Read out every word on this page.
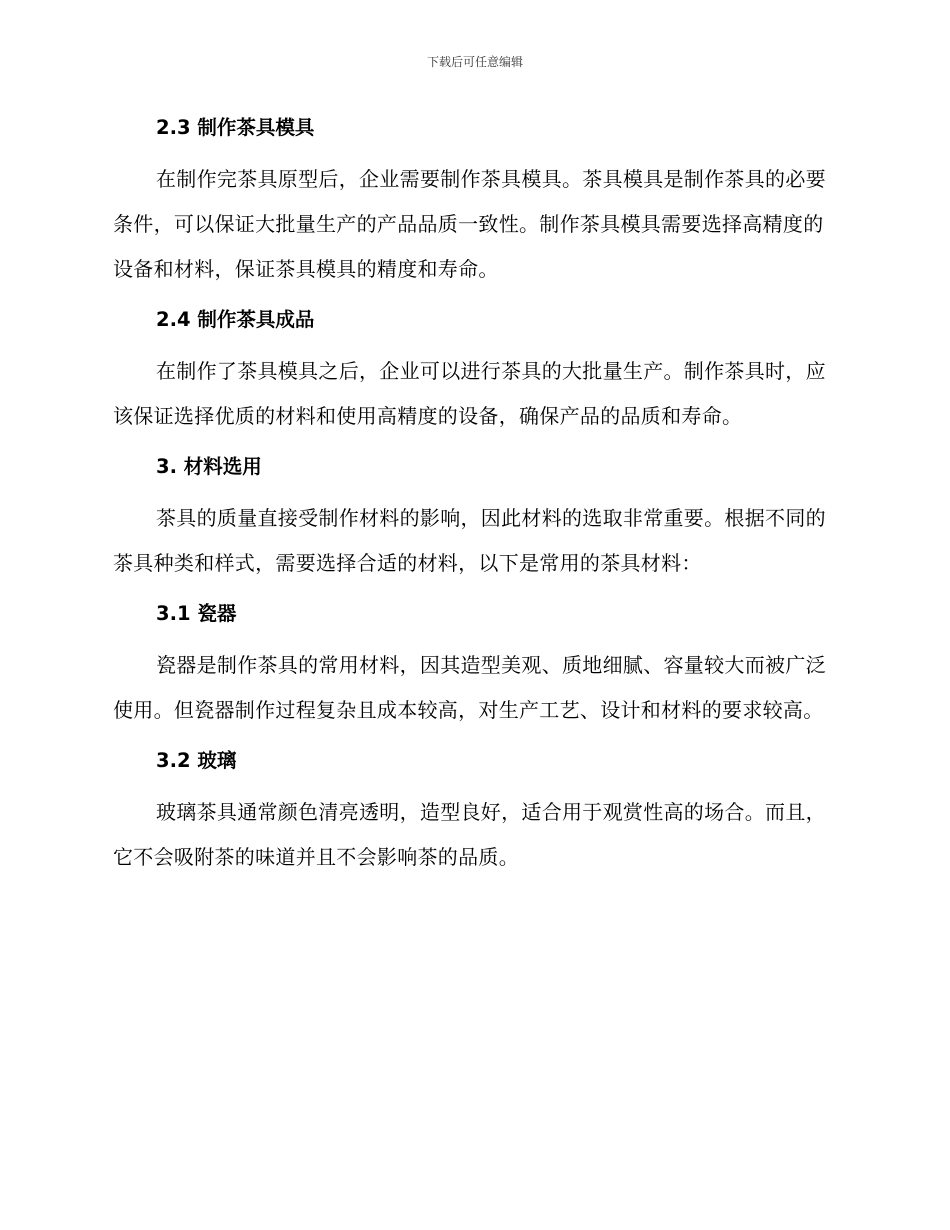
下载后可任意编辑
2.3 制作茶具模具
在制作完茶具原型后，企业需要制作茶具模具。茶具模具是制作茶具的必要条件，可以保证大批量生产的产品品质一致性。制作茶具模具需要选择高精度的设备和材料，保证茶具模具的精度和寿命。
2.4 制作茶具成品
在制作了茶具模具之后，企业可以进行茶具的大批量生产。制作茶具时，应该保证选择优质的材料和使用高精度的设备，确保产品的品质和寿命。
3. 材料选用
茶具的质量直接受制作材料的影响，因此材料的选取非常重要。根据不同的茶具种类和样式，需要选择合适的材料，以下是常用的茶具材料：
3.1 瓷器
瓷器是制作茶具的常用材料，因其造型美观、质地细腻、容量较大而被广泛使用。但瓷器制作过程复杂且成本较高，对生产工艺、设计和材料的要求较高。
3.2 玻璃
玻璃茶具通常颜色清亮透明，造型良好，适合用于观赏性高的场合。而且，它不会吸附茶的味道并且不会影响茶的品质。
